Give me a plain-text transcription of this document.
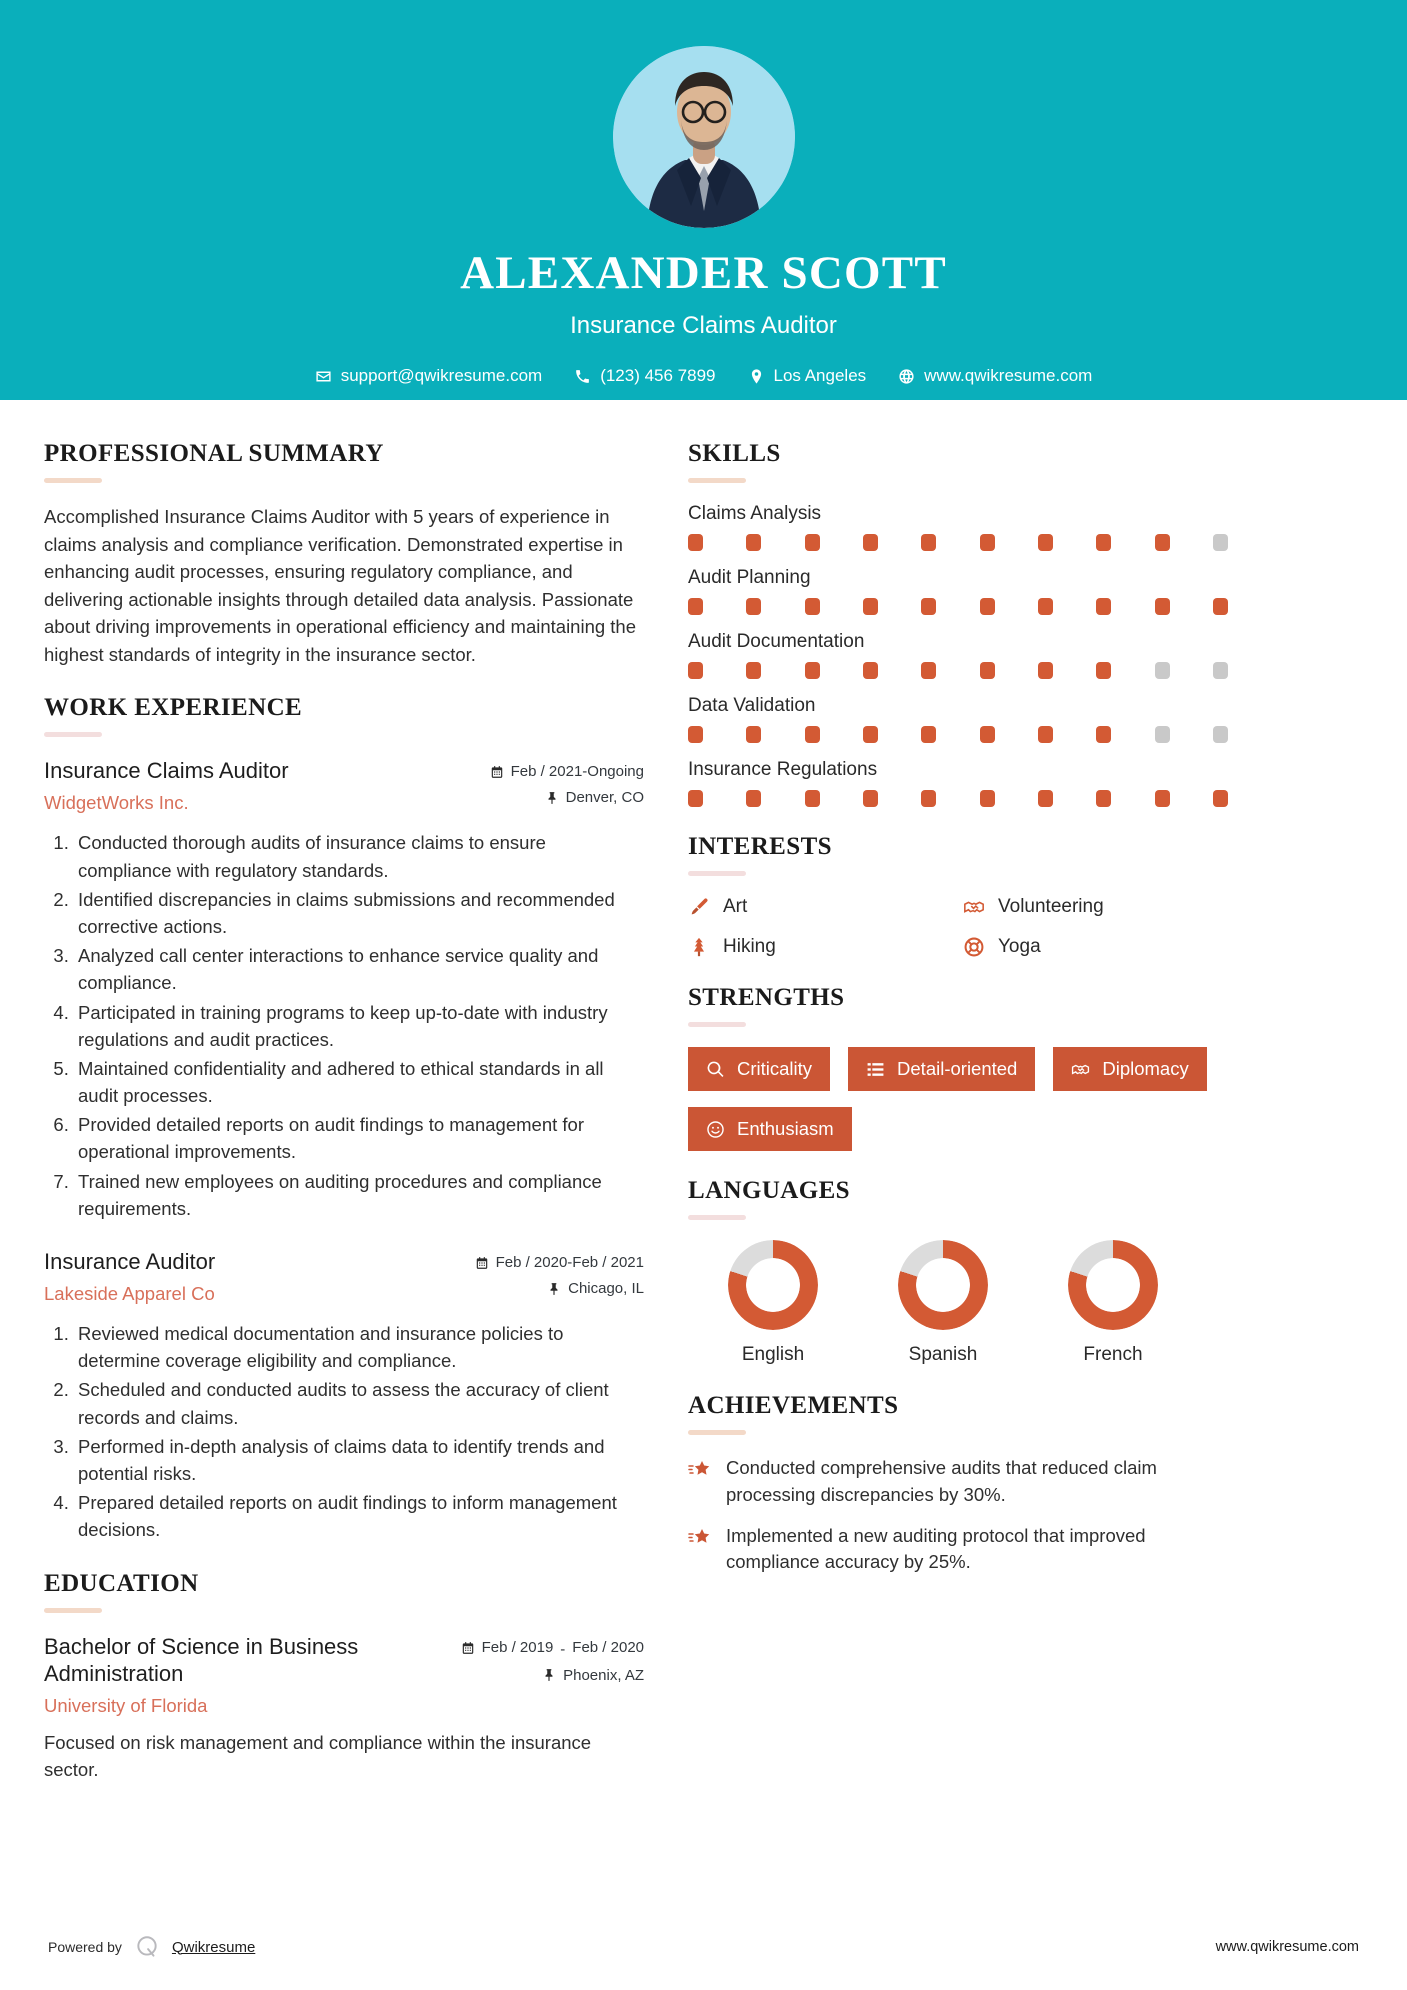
ALEXANDER SCOTT
Insurance Claims Auditor
support@qwikresume.com	(123) 456 7899	Los Angeles	www.qwikresume.com
PROFESSIONAL SUMMARY
Accomplished Insurance Claims Auditor with 5 years of experience in claims analysis and compliance verification. Demonstrated expertise in enhancing audit processes, ensuring regulatory compliance, and delivering actionable insights through detailed data analysis. Passionate about driving improvements in operational efficiency and maintaining the highest standards of integrity in the insurance sector.
WORK EXPERIENCE
Insurance Claims Auditor
WidgetWorks Inc.
Feb / 2021-Ongoing
Denver, CO
1. Conducted thorough audits of insurance claims to ensure compliance with regulatory standards.
2. Identified discrepancies in claims submissions and recommended corrective actions.
3. Analyzed call center interactions to enhance service quality and compliance.
4. Participated in training programs to keep up-to-date with industry regulations and audit practices.
5. Maintained confidentiality and adhered to ethical standards in all audit processes.
6. Provided detailed reports on audit findings to management for operational improvements.
7. Trained new employees on auditing procedures and compliance requirements.
Insurance Auditor
Lakeside Apparel Co
Feb / 2020-Feb / 2021
Chicago, IL
1. Reviewed medical documentation and insurance policies to determine coverage eligibility and compliance.
2. Scheduled and conducted audits to assess the accuracy of client records and claims.
3. Performed in-depth analysis of claims data to identify trends and potential risks.
4. Prepared detailed reports on audit findings to inform management decisions.
EDUCATION
Bachelor of Science in Business Administration
University of Florida
Feb / 2019 - Feb / 2020
Phoenix, AZ
Focused on risk management and compliance within the insurance sector.
SKILLS
Claims Analysis
Audit Planning
Audit Documentation
Data Validation
Insurance Regulations
INTERESTS
Art	Volunteering
Hiking	Yoga
STRENGTHS
Criticality	Detail-oriented	Diplomacy
Enthusiasm
LANGUAGES
English	Spanish	French
ACHIEVEMENTS
Conducted comprehensive audits that reduced claim processing discrepancies by 30%.
Implemented a new auditing protocol that improved compliance accuracy by 25%.
Powered by	Qwikresume	www.qwikresume.com
